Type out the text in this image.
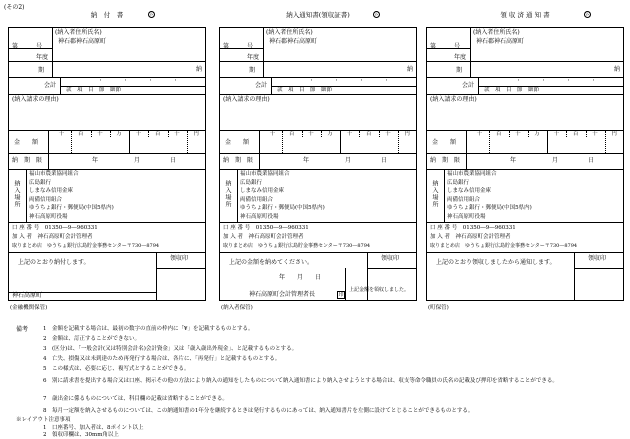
(その2)
納　付　書	公
第　　　号
年度
期
(納入者住所氏名)
神石郡神石高原町
納
会計
款　項　目　節　細節
・	・	・	・
(納入請求の理由)
金　　額
千 百 十 万 千 百 十 円
納　期　限	年	月	日
納入場所
福山市農業協同組合
広島銀行
しまなみ信用金庫
両備信用組合
ゆうちょ銀行・郵便局(中国5県内)
神石高原町役場
口 座 番 号　01350―9―960331
加 入 者　神石高原町会計管理者
取りまとめ店　ゆうちょ銀行広島貯金事務センター〒730―8794
領収印
上記のとおり納付します。
神石高原町
(金融機関保管)
納入通知書(領収証書)	公
第　　　号
年度
期
(納入者住所氏名)
神石郡神石高原町
納
会計
款　項　目　節　細節
・	・	・	・
(納入請求の理由)
金　　額
千 百 十 万 千 百 十 円
納　期　限	年	月	日
納入場所
福山市農業協同組合
広島銀行
しまなみ信用金庫
両備信用組合
ゆうちょ銀行・郵便局(中国5県内)
神石高原町役場
口 座 番 号　01350―9―960331
加 入 者　神石高原町会計管理者
取りまとめ店　ゆうちょ銀行広島貯金事務センター〒730―8794
領収印
上記の金額を納めてください。
年　　月　　日
神石高原町会計管理者長	印
上記金額を領収しました。
(納入者保管)
領 収 済 通 知 書	公
第　　　号
年度
期
(納入者住所氏名)
神石郡神石高原町
納
会計
款　項　目　節　細節
・	・	・	・
(納入請求の理由)
金　　額
千 百 十 万 千 百 十 円
納　期　限	年	月	日
納入場所
福山市農業協同組合
広島銀行
しまなみ信用金庫
両備信用組合
ゆうちょ銀行・郵便局(中国5県内)
神石高原町役場
口 座 番 号　01350―9―960331
加 入 者　神石高原町会計管理者
取りまとめ店　ゆうちょ銀行広島貯金事務センター〒730―8794
領収印
上記のとおり領収しましたから通知します。
(町保管)
備考	1　金額を記載する場合は、最初の数字の直前の枠内に「¥」を記載するものとする。
2　金額は、訂正することができない。
3　(区分)は、「一般会計(又は特別会計名)会計資金」又は「歳入歳出外現金」、と記載するものとする。
4　亡失、損傷又は未到達のため再発行する場合は、各片に、「再発行」と記載するものとする。
5　この様式は、必要に応じ、複写式とすることができる。
6　別に請求書を提出する場合又は口座、掲示その他の方法により納入の通知をしたものについて納入通知書により納入させようとする場合は、収支等命令職員の氏名の記載及び押印を省略することができる。
7　歳出金に係るものについては、科目欄の記載は省略することができる。
8　毎月一定額を納入させるものについては、この納通知書の1年分を継続するときは発行するものにあっては、納入通知書片を左側に設けてとじることができるものとする。
※レイアウト注意事項
1　口座番号、加入者は、8ポイント以上
2　領収印欄は、30mm角以上
